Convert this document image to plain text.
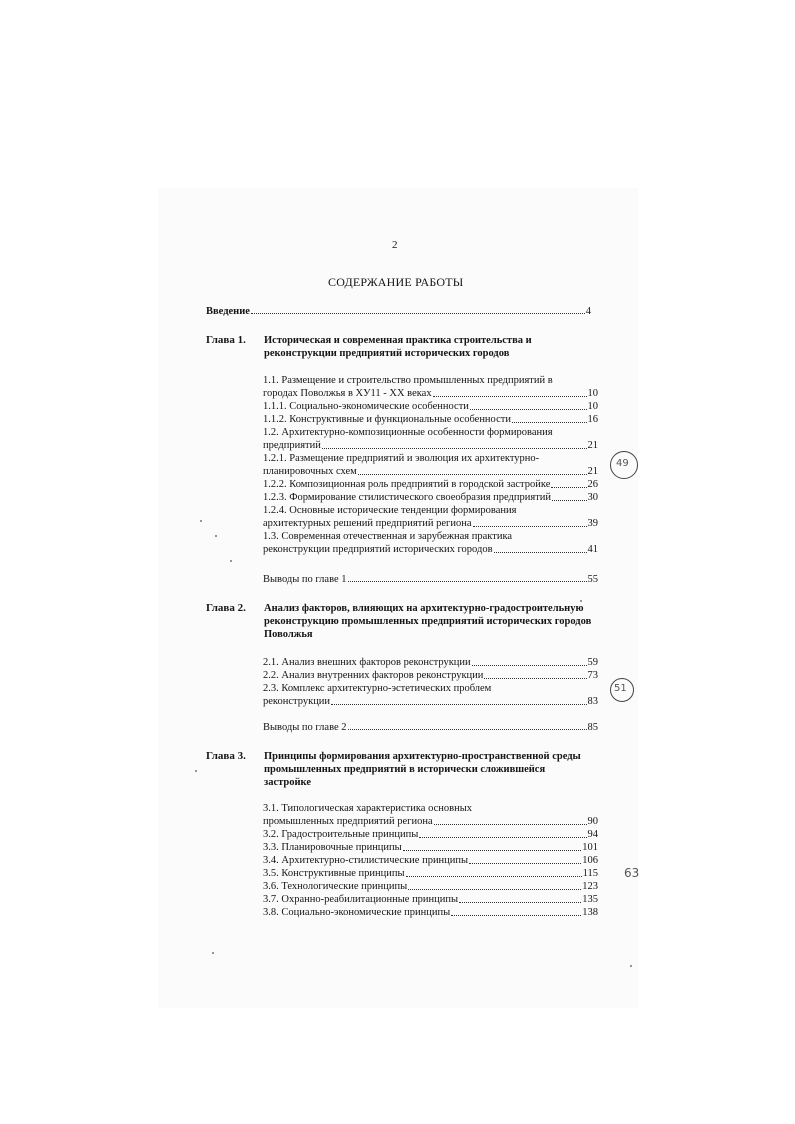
2
СОДЕРЖАНИЕ РАБОТЫ
Введение	4
Глава 1. Историческая и современная практика строительства и реконструкции предприятий исторических городов
1.1. Размещение и строительство промышленных предприятий в
городах Поволжья в ХУ11 - XX веках	10
1.1.1. Социально-экономические особенности	10
1.1.2. Конструктивные и функциональные особенности	16
1.2. Архитектурно-композиционные особенности формирования
предприятий	21
1.2.1. Размещение предприятий и эволюция их архитектурно-
планировочных схем	21
1.2.2. Композиционная роль предприятий в городской застройке	26
1.2.3. Формирование стилистического своеобразия предприятий	30
1.2.4. Основные исторические тенденции формирования
архитектурных решений предприятий региона	39
1.3. Современная отечественная и зарубежная практика
реконструкции предприятий исторических городов	41
Выводы по главе 1	55
Глава 2. Анализ факторов, влияющих на архитектурно-градостроительную реконструкцию промышленных предприятий исторических городов Поволжья
2.1. Анализ внешних факторов реконструкции	59
2.2. Анализ внутренних факторов реконструкции	73
2.3. Комплекс архитектурно-эстетических проблем
реконструкции	83
Выводы по главе 2	85
Глава 3. Принципы формирования архитектурно-пространственной среды промышленных предприятий в исторически сложившейся застройке
3.1. Типологическая характеристика основных
промышленных предприятий региона	90
3.2. Градостроительные принципы	94
3.3. Планировочные принципы	101
3.4. Архитектурно-стилистические принципы	106
3.5. Конструктивные принципы	115
3.6. Технологические принципы	123
3.7. Охранно-реабилитационные принципы	135
3.8. Социально-экономические принципы	138
49
51
63
